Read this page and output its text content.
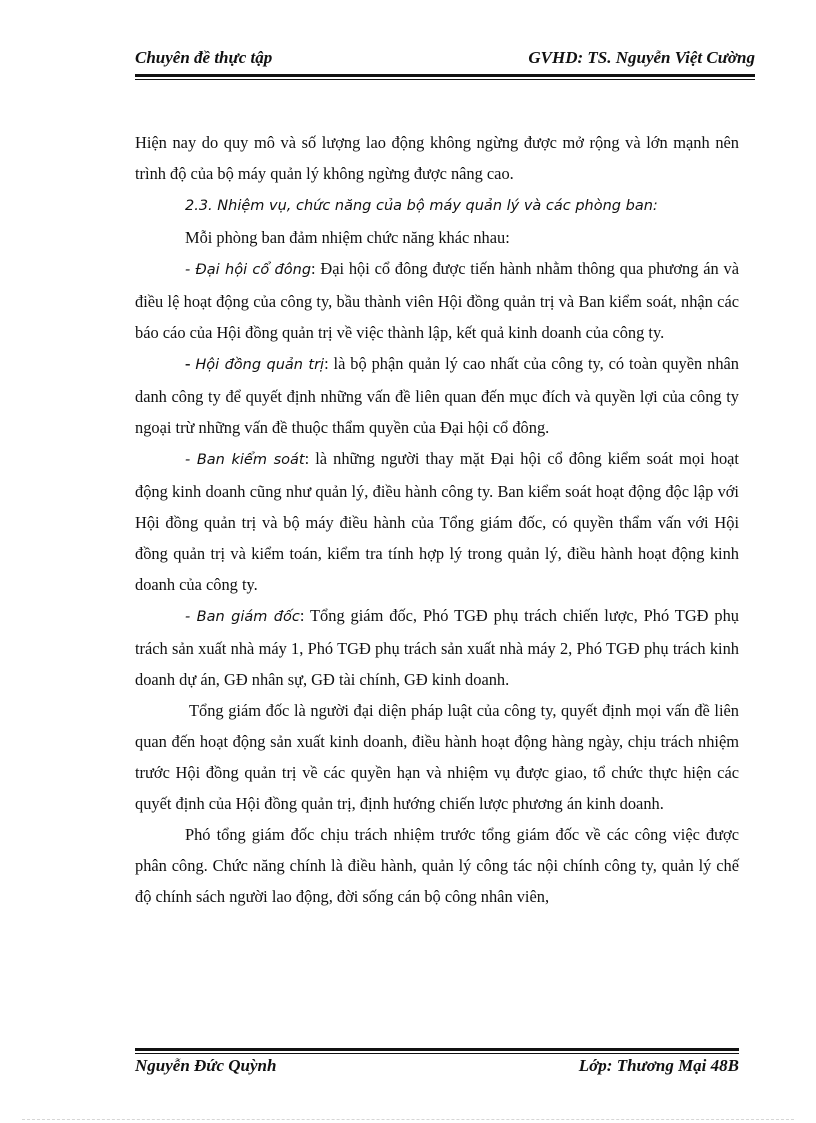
Chuyên đề thực tập	GVHD: TS. Nguyễn Việt Cường

Hiện nay do quy mô và số lượng lao động không ngừng được mở rộng và lớn mạnh nên trình độ của bộ máy quản lý không ngừng được nâng cao.

2.3. Nhiệm vụ, chức năng của bộ máy quản lý và các phòng ban:

Mỗi phòng ban đảm nhiệm chức năng khác nhau:

- Đại hội cổ đông: Đại hội cổ đông được tiến hành nhằm thông qua phương án và điều lệ hoạt động của công ty, bầu thành viên Hội đồng quản trị và Ban kiểm soát, nhận các báo cáo của Hội đồng quản trị về việc thành lập, kết quả kinh doanh của công ty.

- Hội đồng quản trị: là bộ phận quản lý cao nhất của công ty, có toàn quyền nhân danh công ty để quyết định những vấn đề liên quan đến mục đích và quyền lợi của công ty ngoại trừ những vấn đề thuộc thẩm quyền của Đại hội cổ đông.

- Ban kiểm soát: là những người thay mặt Đại hội cổ đông kiểm soát mọi hoạt động kinh doanh cũng như quản lý, điều hành công ty. Ban kiểm soát hoạt động độc lập với Hội đồng quản trị và bộ máy điều hành của Tổng giám đốc, có quyền thẩm vấn với Hội đồng quản trị và kiểm toán, kiểm tra tính hợp lý trong quản lý, điều hành hoạt động kinh doanh của công ty.

- Ban giám đốc: Tổng giám đốc, Phó TGĐ phụ trách chiến lược, Phó TGĐ phụ trách sản xuất nhà máy 1, Phó TGĐ phụ trách sản xuất nhà máy 2, Phó TGĐ phụ trách kinh doanh dự án, GĐ nhân sự, GĐ tài chính, GĐ kinh doanh.

Tổng giám đốc là người đại diện pháp luật của công ty, quyết định mọi vấn đề liên quan đến hoạt động sản xuất kinh doanh, điều hành hoạt động hàng ngày, chịu trách nhiệm trước Hội đồng quản trị về các quyền hạn và nhiệm vụ được giao, tổ chức thực hiện các quyết định của Hội đồng quản trị, định hướng chiến lược phương án kinh doanh.

Phó tổng giám đốc chịu trách nhiệm trước tổng giám đốc về các công việc được phân công. Chức năng chính là điều hành, quản lý công tác nội chính công ty, quản lý chế độ chính sách người lao động, đời sống cán bộ công nhân viên,

Nguyễn Đức Quỳnh	Lớp: Thương Mại 48B
